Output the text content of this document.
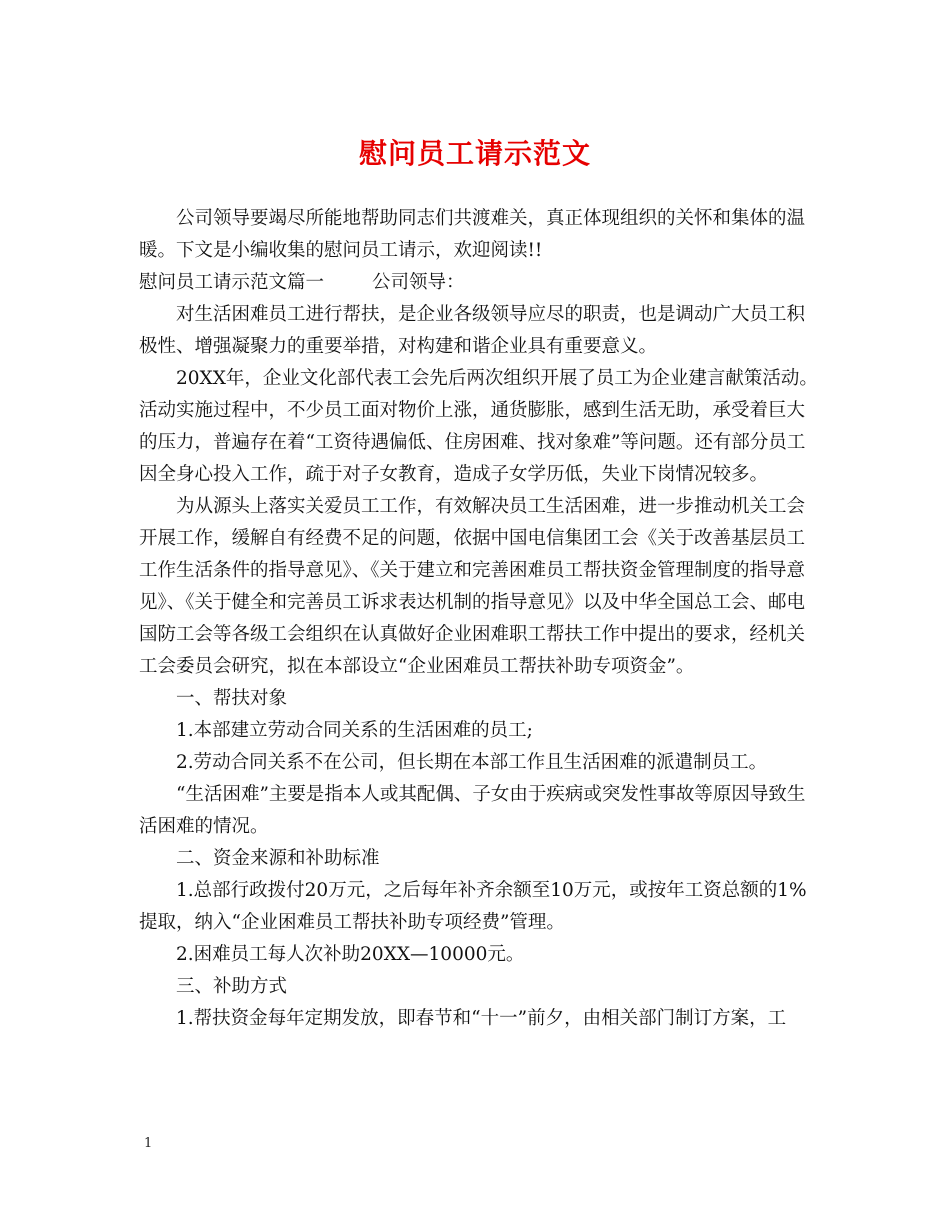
慰问员工请示范文

公司领导要竭尽所能地帮助同志们共渡难关，真正体现组织的关怀和集体的温暖。下文是小编收集的慰问员工请示，欢迎阅读!!

慰问员工请示范文篇一	公司领导：

对生活困难员工进行帮扶，是企业各级领导应尽的职责，也是调动广大员工积极性、增强凝聚力的重要举措，对构建和谐企业具有重要意义。

20XX年，企业文化部代表工会先后两次组织开展了员工为企业建言献策活动。活动实施过程中，不少员工面对物价上涨，通货膨胀，感到生活无助，承受着巨大的压力，普遍存在着“工资待遇偏低、住房困难、找对象难”等问题。还有部分员工因全身心投入工作，疏于对子女教育，造成子女学历低，失业下岗情况较多。

为从源头上落实关爱员工工作，有效解决员工生活困难，进一步推动机关工会开展工作，缓解自有经费不足的问题，依据中国电信集团工会《关于改善基层员工工作生活条件的指导意见》、《关于建立和完善困难员工帮扶资金管理制度的指导意见》、《关于健全和完善员工诉求表达机制的指导意见》以及中华全国总工会、邮电国防工会等各级工会组织在认真做好企业困难职工帮扶工作中提出的要求，经机关工会委员会研究，拟在本部设立“企业困难员工帮扶补助专项资金”。

一、帮扶对象

1.本部建立劳动合同关系的生活困难的员工;

2.劳动合同关系不在公司，但长期在本部工作且生活困难的派遣制员工。

“生活困难”主要是指本人或其配偶、子女由于疾病或突发性事故等原因导致生活困难的情况。

二、资金来源和补助标准

1.总部行政拨付20万元，之后每年补齐余额至10万元，或按年工资总额的1%提取，纳入“企业困难员工帮扶补助专项经费”管理。

2.困难员工每人次补助20XX—10000元。

三、补助方式

1.帮扶资金每年定期发放，即春节和“十一”前夕，由相关部门制订方案，工

1
